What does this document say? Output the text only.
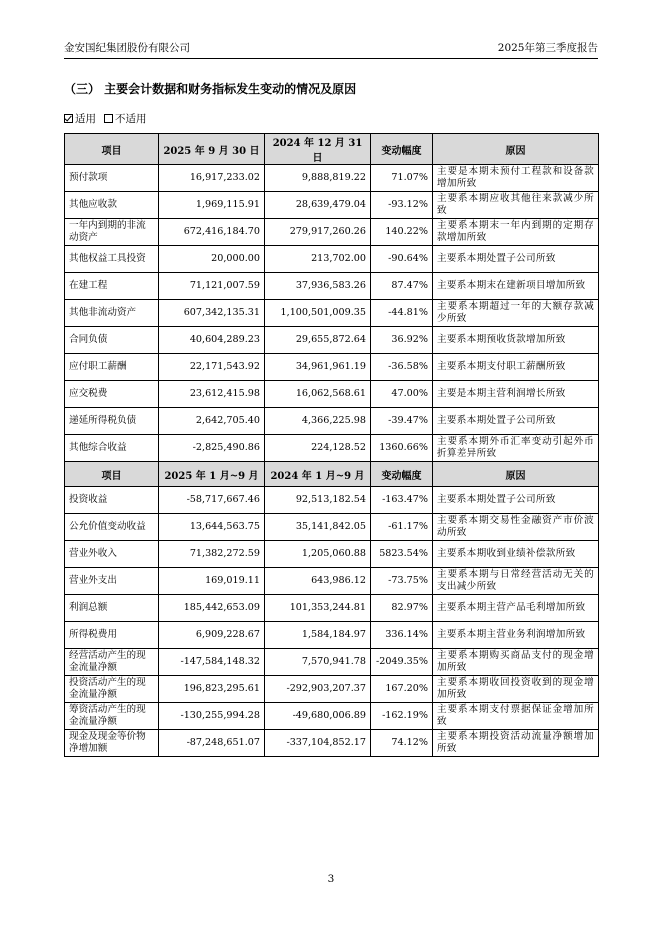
金安国纪集团股份有限公司	2025年第三季度报告
（三） 主要会计数据和财务指标发生变动的情况及原因
适用 不适用
项目	2025 年 9 月 30 日	2024 年 12 月 31 日	变动幅度	原因
预付款项	16,917,233.02	9,888,819.22	71.07%	主要是本期未预付工程款和设备款增加所致
其他应收款	1,969,115.91	28,639,479.04	-93.12%	主要系本期应收其他往来款减少所致
一年内到期的非流动资产	672,416,184.70	279,917,260.26	140.22%	主要系本期末一年内到期的定期存款增加所致
其他权益工具投资	20,000.00	213,702.00	-90.64%	主要系本期处置子公司所致
在建工程	71,121,007.59	37,936,583.26	87.47%	主要系本期末在建新项目增加所致
其他非流动资产	607,342,135.31	1,100,501,009.35	-44.81%	主要系本期超过一年的大额存款减少所致
合同负债	40,604,289.23	29,655,872.64	36.92%	主要系本期预收货款增加所致
应付职工薪酬	22,171,543.92	34,961,961.19	-36.58%	主要系本期支付职工薪酬所致
应交税费	23,612,415.98	16,062,568.61	47.00%	主要是本期主营利润增长所致
递延所得税负债	2,642,705.40	4,366,225.98	-39.47%	主要系本期处置子公司所致
其他综合收益	-2,825,490.86	224,128.52	1360.66%	主要系本期外币汇率变动引起外币折算差异所致
项目	2025 年 1 月~9 月	2024 年 1 月~9 月	变动幅度	原因
投资收益	-58,717,667.46	92,513,182.54	-163.47%	主要系本期处置子公司所致
公允价值变动收益	13,644,563.75	35,141,842.05	-61.17%	主要系本期交易性金融资产市价波动所致
营业外收入	71,382,272.59	1,205,060.88	5823.54%	主要系本期收到业绩补偿款所致
营业外支出	169,019.11	643,986.12	-73.75%	主要系本期与日常经营活动无关的支出减少所致
利润总额	185,442,653.09	101,353,244.81	82.97%	主要系本期主营产品毛利增加所致
所得税费用	6,909,228.67	1,584,184.97	336.14%	主要系本期主营业务利润增加所致
经营活动产生的现金流量净额	-147,584,148.32	7,570,941.78	-2049.35%	主要系本期购买商品支付的现金增加所致
投资活动产生的现金流量净额	196,823,295.61	-292,903,207.37	167.20%	主要系本期收回投资收到的现金增加所致
筹资活动产生的现金流量净额	-130,255,994.28	-49,680,006.89	-162.19%	主要系本期支付票据保证金增加所致
现金及现金等价物净增加额	-87,248,651.07	-337,104,852.17	74.12%	主要系本期投资活动流量净额增加所致
3
